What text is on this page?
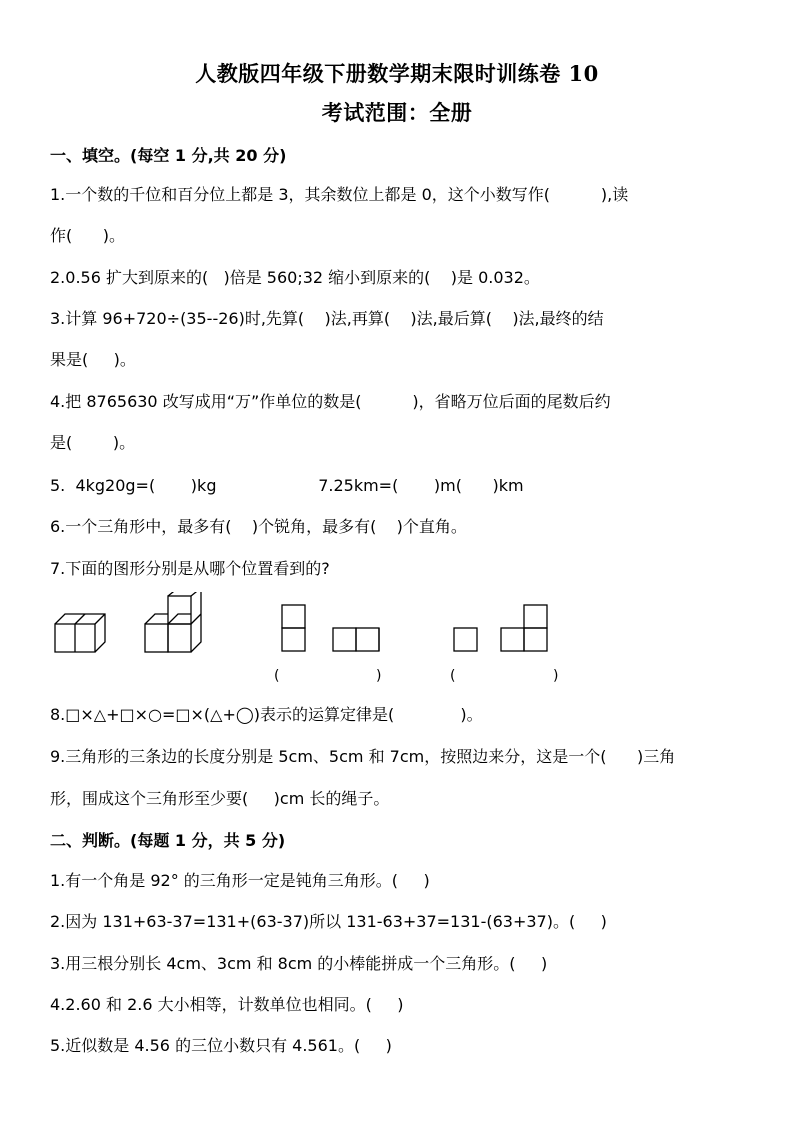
人教版四年级下册数学期末限时训练卷 10
考试范围：全册
一、填空。(每空 1 分,共 20 分)
1.一个数的千位和百分位上都是 3，其余数位上都是 0，这个小数写作(          ),读
作(      )。
2.0.56 扩大到原来的(   )倍是 560;32 缩小到原来的(    )是 0.032。
3.计算 96+720÷(35--26)时,先算(    )法,再算(    )法,最后算(    )法,最终的结
果是(     )。
4.把 8765630 改写成用“万”作单位的数是(          )，省略万位后面的尾数后约
是(        )。
5.  4kg20g=(       )kg                    7.25km=(       )m(      )km
6.一个三角形中，最多有(    )个锐角，最多有(    )个直角。
7.下面的图形分别是从哪个位置看到的?
(	)	(	)
8.□×△+□×○=□×(△+◯)表示的运算定律是(             )。
9.三角形的三条边的长度分别是 5cm、5cm 和 7cm，按照边来分，这是一个(      )三角
形，围成这个三角形至少要(     )cm 长的绳子。
二、判断。(每题 1 分，共 5 分)
1.有一个角是 92° 的三角形一定是钝角三角形。(     )
2.因为 131+63-37=131+(63-37)所以 131-63+37=131-(63+37)。(     )
3.用三根分别长 4cm、3cm 和 8cm 的小棒能拼成一个三角形。(     )
4.2.60 和 2.6 大小相等，计数单位也相同。(     )
5.近似数是 4.56 的三位小数只有 4.561。(     )
